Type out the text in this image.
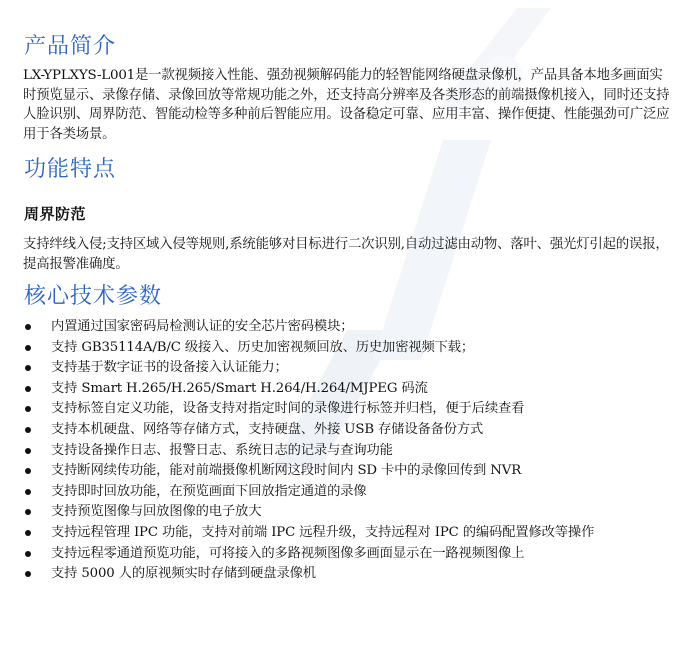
产品简介

LX-YPLXYS-L001是一款视频接入性能、强劲视频解码能力的轻智能网络硬盘录像机，产品具备本地多画面实时预览显示、录像存储、录像回放等常规功能之外，还支持高分辨率及各类形态的前端摄像机接入，同时还支持人脸识别、周界防范、智能动检等多种前后智能应用。设备稳定可靠、应用丰富、操作便捷、性能强劲可广泛应用于各类场景。

功能特点
周界防范

支持绊线入侵;支持区域入侵等规则,系统能够对目标进行二次识别,自动过滤由动物、落叶、强光灯引起的误报，提高报警准确度。

核心技术参数
内置通过国家密码局检测认证的安全芯片密码模块；
支持 GB35114A/B/C 级接入、历史加密视频回放、历史加密视频下载；
支持基于数字证书的设备接入认证能力；
支持 Smart H.265/H.265/Smart H.264/H.264/MJPEG 码流
支持标签自定义功能，设备支持对指定时间的录像进行标签并归档，便于后续查看
支持本机硬盘、网络等存储方式，支持硬盘、外接 USB 存储设备备份方式
支持设备操作日志、报警日志、系统日志的记录与查询功能
支持断网续传功能，能对前端摄像机断网这段时间内 SD 卡中的录像回传到 NVR
支持即时回放功能，在预览画面下回放指定通道的录像
支持预览图像与回放图像的电子放大
支持远程管理 IPC 功能，支持对前端 IPC 远程升级，支持远程对 IPC 的编码配置修改等操作
支持远程零通道预览功能，可将接入的多路视频图像多画面显示在一路视频图像上
支持 5000 人的原视频实时存储到硬盘录像机
